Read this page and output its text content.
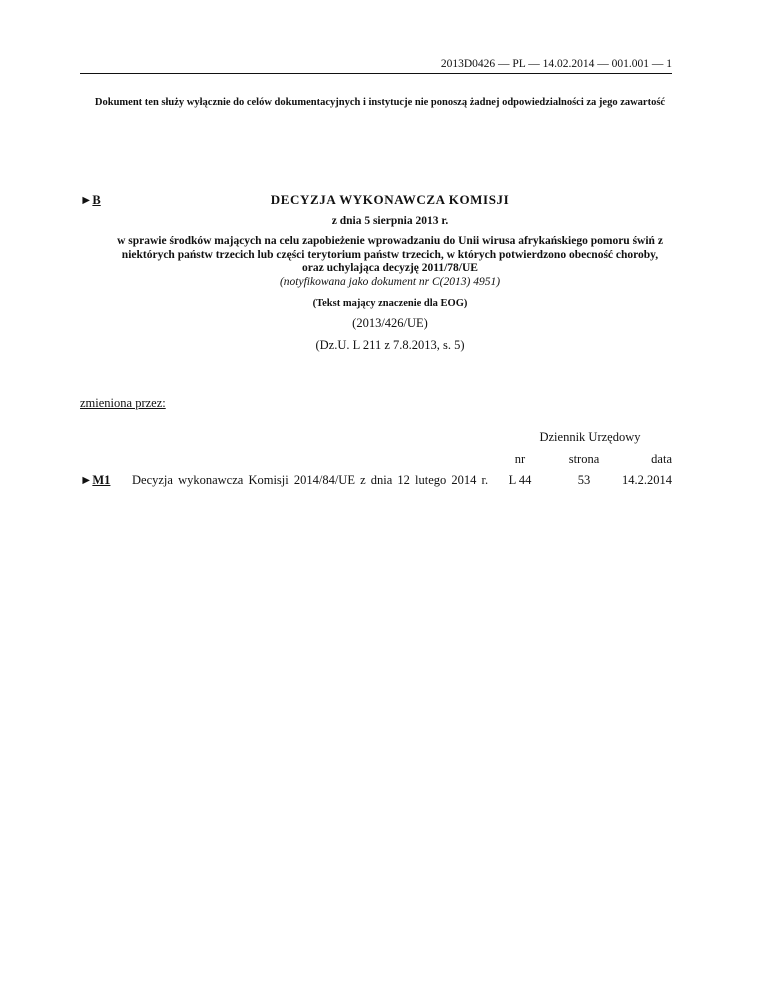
2013D0426 — PL — 14.02.2014 — 001.001 — 1
Dokument ten służy wyłącznie do celów dokumentacyjnych i instytucje nie ponoszą żadnej odpowiedzialności za jego zawartość
►B	DECYZJA WYKONAWCZA KOMISJI
z dnia 5 sierpnia 2013 r.
w sprawie środków mających na celu zapobieżenie wprowadzaniu do Unii wirusa afrykańskiego pomoru świń z niektórych państw trzecich lub części terytorium państw trzecich, w których potwierdzono obecność choroby, oraz uchylająca decyzję 2011/78/UE
(notyfikowana jako dokument nr C(2013) 4951)
(Tekst mający znaczenie dla EOG)
(2013/426/UE)
(Dz.U. L 211 z 7.8.2013, s. 5)
zmieniona przez:
Dziennik Urzędowy
nr	strona	data
►M1 Decyzja wykonawcza Komisji 2014/84/UE z dnia 12 lutego 2014 r.	L 44	53	14.2.2014
